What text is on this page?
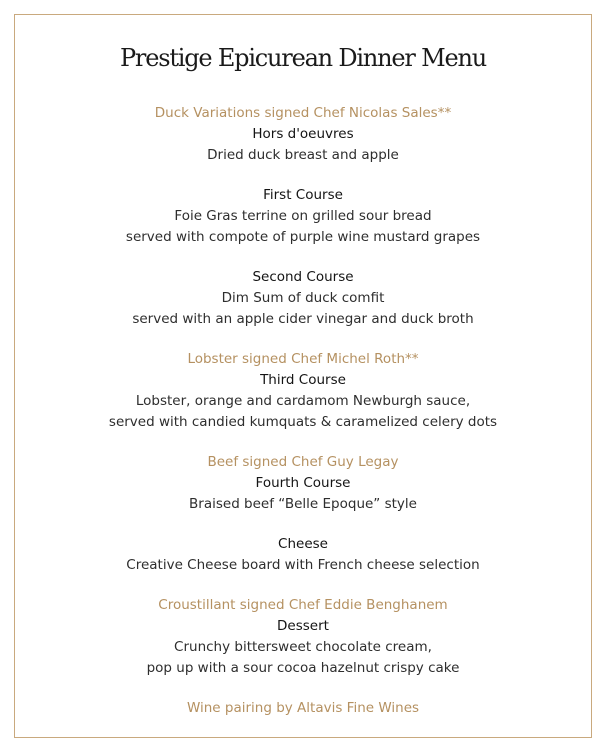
Prestige Epicurean Dinner Menu
Duck Variations signed Chef Nicolas Sales**
Hors d'oeuvres
Dried duck breast and apple
First Course
Foie Gras terrine on grilled sour bread
served with compote of purple wine mustard grapes
Second Course
Dim Sum of duck comfit
served with an apple cider vinegar and duck broth
Lobster signed Chef Michel Roth**
Third Course
Lobster, orange and cardamom Newburgh sauce,
served with candied kumquats & caramelized celery dots
Beef signed Chef Guy Legay
Fourth Course
Braised beef “Belle Epoque” style
Cheese
Creative Cheese board with French cheese selection
Croustillant signed Chef Eddie Benghanem
Dessert
Crunchy bittersweet chocolate cream,
pop up with a sour cocoa hazelnut crispy cake
Wine pairing by Altavis Fine Wines
